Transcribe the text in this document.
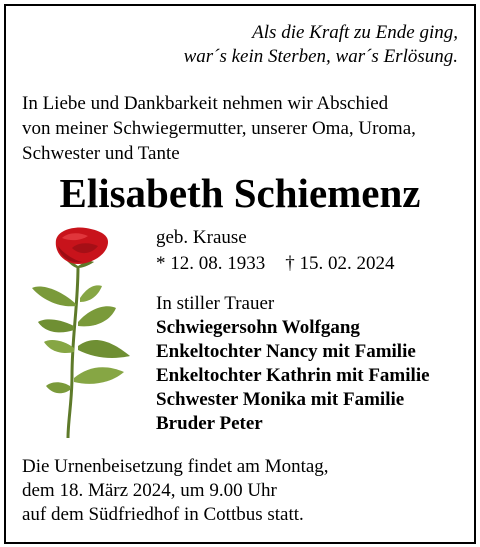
Als die Kraft zu Ende ging,
war´s kein Sterben, war´s Erlösung.
In Liebe und Dankbarkeit nehmen wir Abschied
von meiner Schwiegermutter, unserer Oma, Uroma,
Schwester und Tante
Elisabeth Schiemenz
geb. Krause
* 12. 08. 1933 † 15. 02. 2024
In stiller Trauer
Schwiegersohn Wolfgang
Enkeltochter Nancy mit Familie
Enkeltochter Kathrin mit Familie
Schwester Monika mit Familie
Bruder Peter
Die Urnenbeisetzung findet am Montag,
dem 18. März 2024, um 9.00 Uhr
auf dem Südfriedhof in Cottbus statt.
